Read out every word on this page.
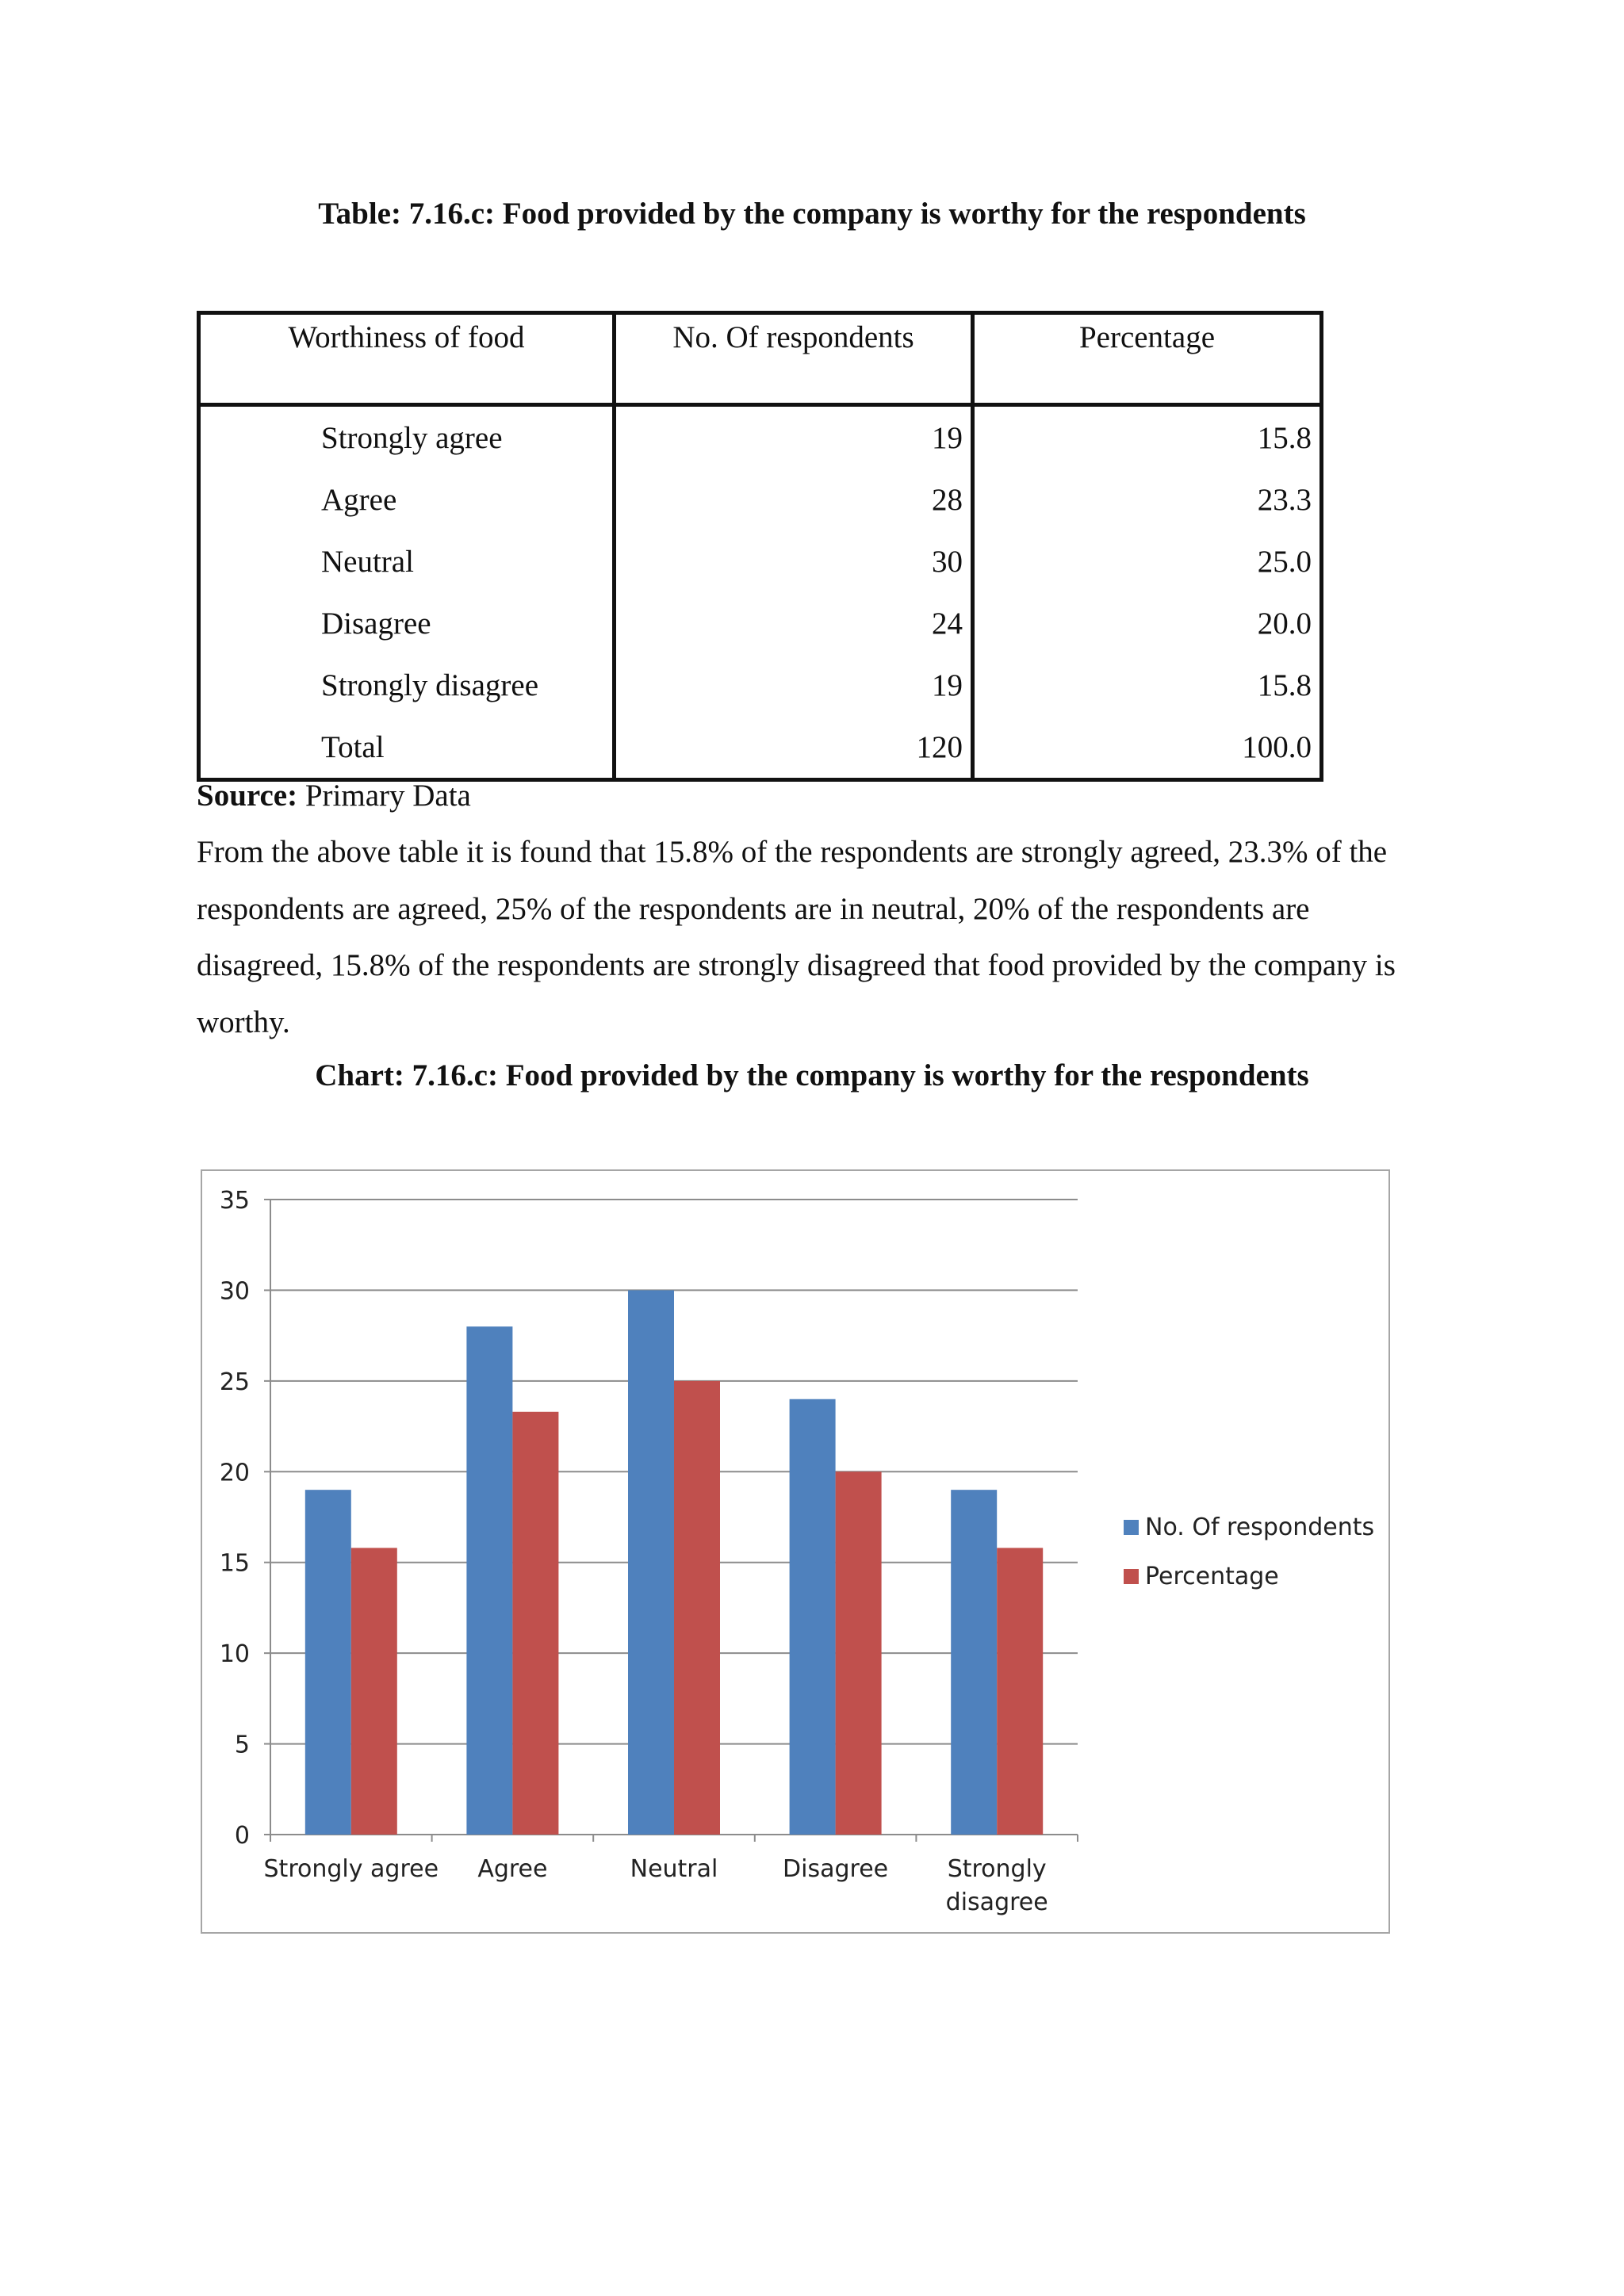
Table: 7.16.c: Food provided by the company is worthy for the respondents
Worthiness of food	No. Of respondents	Percentage
Strongly agree	19	15.8
Agree	28	23.3
Neutral	30	25.0
Disagree	24	20.0
Strongly disagree	19	15.8
Total	120	100.0
Source: Primary Data
From the above table it is found that 15.8% of the respondents are strongly agreed, 23.3% of the respondents are agreed, 25% of the respondents are in neutral, 20% of the respondents are disagreed, 15.8% of the respondents are strongly disagreed that food provided by the company is worthy.
Chart: 7.16.c: Food provided by the company is worthy for the respondents
0
5
10
15
20
25
30
35
Strongly agree Agree	Neutral	Disagree Strongly
disagree
No. Of respondents
Percentage
